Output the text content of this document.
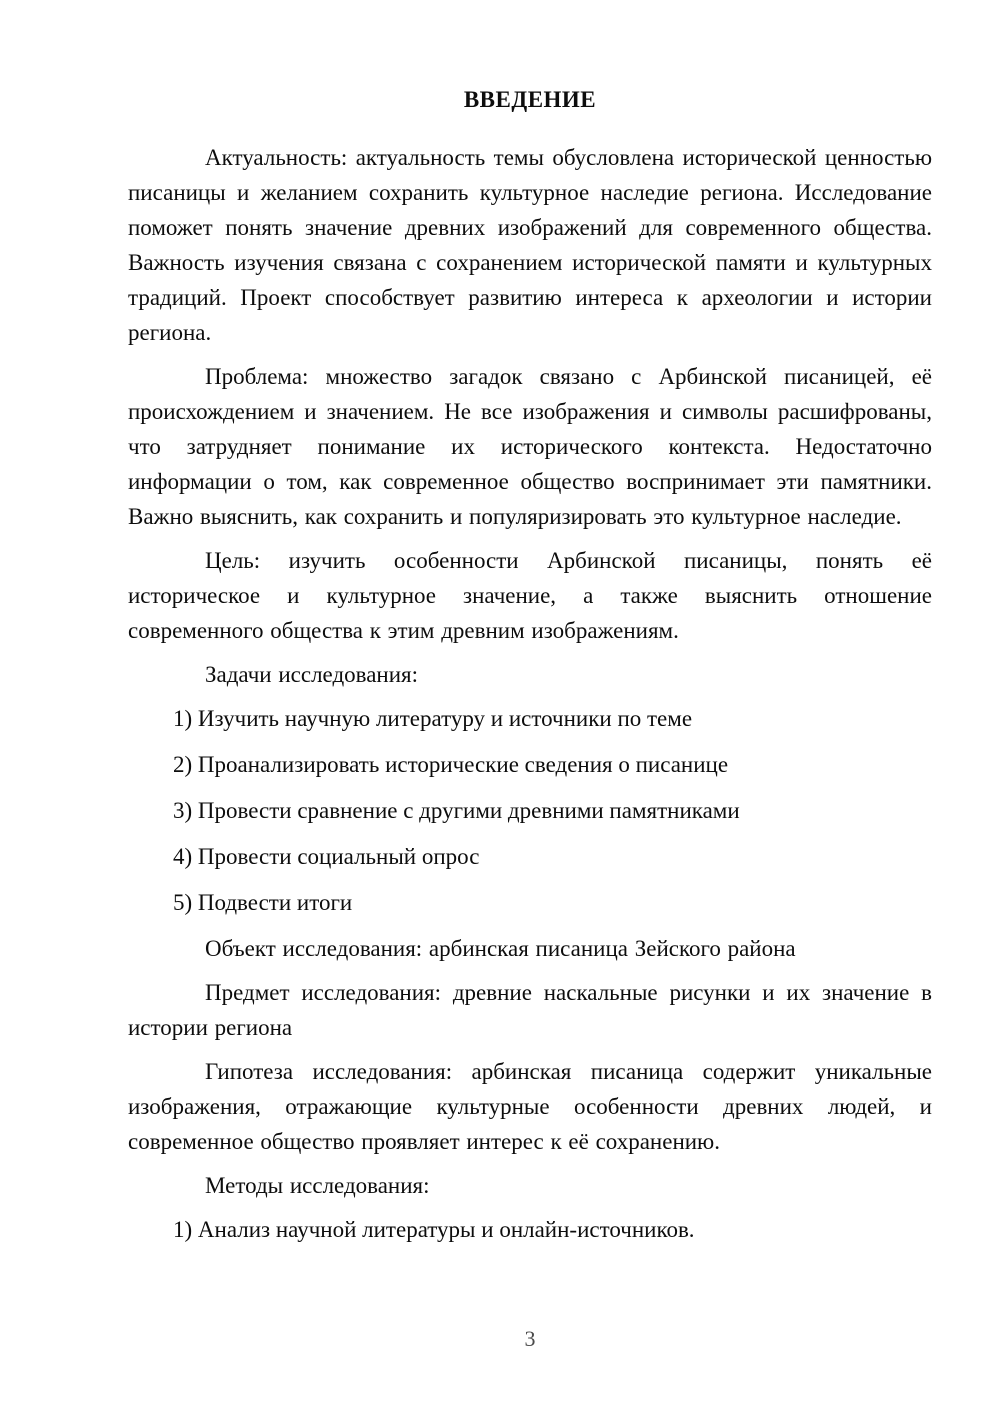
ВВЕДЕНИЕ

Актуальность: актуальность темы обусловлена исторической ценностью писаницы и желанием сохранить культурное наследие региона. Исследование поможет понять значение древних изображений для современного общества. Важность изучения связана с сохранением исторической памяти и культурных традиций. Проект способствует развитию интереса к археологии и истории региона.

Проблема: множество загадок связано с Арбинской писаницей, её происхождением и значением. Не все изображения и символы расшифрованы, что затрудняет понимание их исторического контекста. Недостаточно информации о том, как современное общество воспринимает эти памятники. Важно выяснить, как сохранить и популяризировать это культурное наследие.

Цель: изучить особенности Арбинской писаницы, понять её историческое и культурное значение, а также выяснить отношение современного общества к этим древним изображениям.

Задачи исследования:

1) Изучить научную литературу и источники по теме

2) Проанализировать исторические сведения о писанице

3) Провести сравнение с другими древними памятниками

4) Провести социальный опрос

5) Подвести итоги

Объект исследования: арбинская писаница Зейского района

Предмет исследования: древние наскальные рисунки и их значение в истории региона

Гипотеза исследования: арбинская писаница содержит уникальные изображения, отражающие культурные особенности древних людей, и современное общество проявляет интерес к её сохранению.

Методы исследования:

1) Анализ научной литературы и онлайн-источников.

3
